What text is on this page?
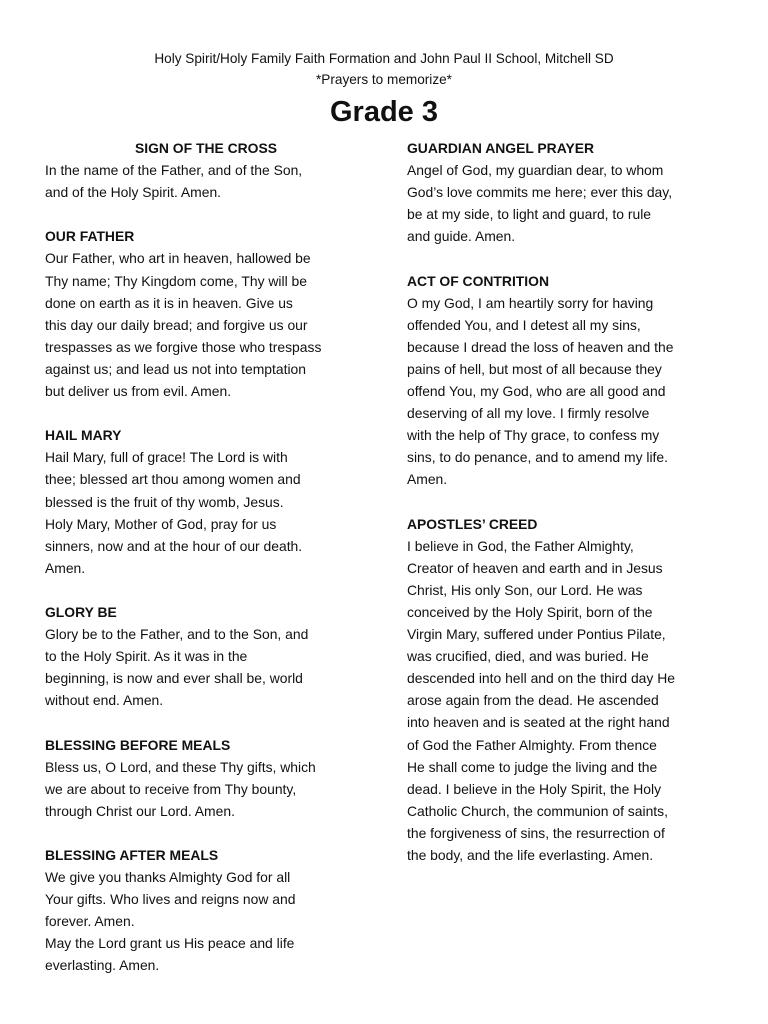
Holy Spirit/Holy Family Faith Formation and John Paul II School, Mitchell SD
*Prayers to memorize*
Grade 3
SIGN OF THE CROSS

In the name of the Father, and of the Son,
and of the Holy Spirit. Amen.

OUR FATHER

Our Father, who art in heaven, hallowed be
Thy name; Thy Kingdom come, Thy will be
done on earth as it is in heaven. Give us
this day our daily bread; and forgive us our
trespasses as we forgive those who trespass
against us; and lead us not into temptation
but deliver us from evil. Amen.

HAIL MARY

Hail Mary, full of grace! The Lord is with
thee; blessed art thou among women and
blessed is the fruit of thy womb, Jesus.
Holy Mary, Mother of God, pray for us
sinners, now and at the hour of our death.
Amen.

GLORY BE

Glory be to the Father, and to the Son, and
to the Holy Spirit. As it was in the
beginning, is now and ever shall be, world
without end. Amen.

BLESSING BEFORE MEALS

Bless us, O Lord, and these Thy gifts, which
we are about to receive from Thy bounty,
through Christ our Lord. Amen.

BLESSING AFTER MEALS

We give you thanks Almighty God for all
Your gifts. Who lives and reigns now and
forever. Amen.
May the Lord grant us His peace and life
everlasting. Amen.

GUARDIAN ANGEL PRAYER

Angel of God, my guardian dear, to whom
God’s love commits me here; ever this day,
be at my side, to light and guard, to rule
and guide. Amen.

ACT OF CONTRITION

O my God, I am heartily sorry for having
offended You, and I detest all my sins,
because I dread the loss of heaven and the
pains of hell, but most of all because they
offend You, my God, who are all good and
deserving of all my love. I firmly resolve
with the help of Thy grace, to confess my
sins, to do penance, and to amend my life.
Amen.

APOSTLES’ CREED

I believe in God, the Father Almighty,
Creator of heaven and earth and in Jesus
Christ, His only Son, our Lord. He was
conceived by the Holy Spirit, born of the
Virgin Mary, suffered under Pontius Pilate,
was crucified, died, and was buried. He
descended into hell and on the third day He
arose again from the dead. He ascended
into heaven and is seated at the right hand
of God the Father Almighty. From thence
He shall come to judge the living and the
dead. I believe in the Holy Spirit, the Holy
Catholic Church, the communion of saints,
the forgiveness of sins, the resurrection of
the body, and the life everlasting. Amen.
